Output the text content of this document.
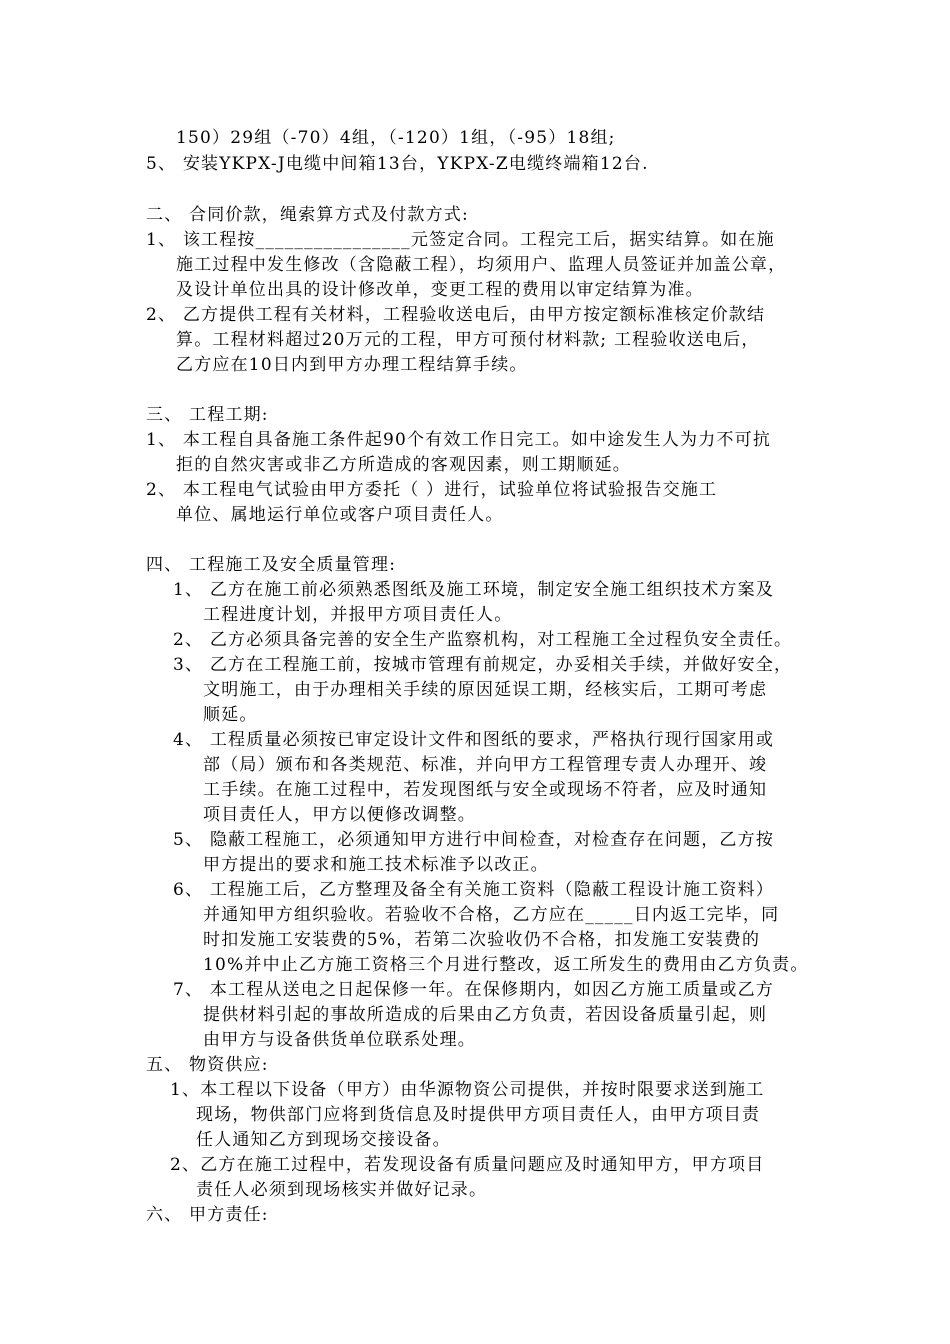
150）29组（-70）4组，（-120）1组，（-95）18组;
5、 安装YKPX-J电缆中间箱13台，YKPX-Z电缆终端箱12台.
二、 合同价款，绳索算方式及付款方式:
1、 该工程按________________元签定合同。工程完工后，据实结算。如在施
施工过程中发生修改（含隐蔽工程），均须用户、监理人员签证并加盖公章，
及设计单位出具的设计修改单，变更工程的费用以审定结算为准。
2、 乙方提供工程有关材料，工程验收送电后，由甲方按定额标准核定价款结
算。工程材料超过20万元的工程，甲方可预付材料款; 工程验收送电后，
乙方应在10日内到甲方办理工程结算手续。
三、 工程工期:
1、 本工程自具备施工条件起90个有效工作日完工。如中途发生人为力不可抗
拒的自然灾害或非乙方所造成的客观因素，则工期顺延。
2、 本工程电气试验由甲方委托（ ）进行，试验单位将试验报告交施工
单位、属地运行单位或客户项目责任人。
四、 工程施工及安全质量管理:
1、 乙方在施工前必须熟悉图纸及施工环境，制定安全施工组织技术方案及
工程进度计划，并报甲方项目责任人。
2、 乙方必须具备完善的安全生产监察机构，对工程施工全过程负安全责任。
3、 乙方在工程施工前，按城市管理有前规定，办妥相关手续，并做好安全，
文明施工，由于办理相关手续的原因延误工期，经核实后，工期可考虑
顺延。
4、 工程质量必须按已审定设计文件和图纸的要求，严格执行现行国家用或
部（局）颁布和各类规范、标准，并向甲方工程管理专责人办理开、竣
工手续。在施工过程中，若发现图纸与安全或现场不符者，应及时通知
项目责任人，甲方以便修改调整。
5、 隐蔽工程施工，必须通知甲方进行中间检查，对检查存在问题，乙方按
甲方提出的要求和施工技术标准予以改正。
6、 工程施工后，乙方整理及备全有关施工资料（隐蔽工程设计施工资料）
并通知甲方组织验收。若验收不合格，乙方应在_____日内返工完毕，同
时扣发施工安装费的5%，若第二次验收仍不合格，扣发施工安装费的
10%并中止乙方施工资格三个月进行整改，返工所发生的费用由乙方负责。
7、 本工程从送电之日起保修一年。在保修期内，如因乙方施工质量或乙方
提供材料引起的事故所造成的后果由乙方负责，若因设备质量引起，则
由甲方与设备供货单位联系处理。
五、 物资供应:
1、本工程以下设备（甲方）由华源物资公司提供，并按时限要求送到施工
现场，物供部门应将到货信息及时提供甲方项目责任人，由甲方项目责
任人通知乙方到现场交接设备。
2、乙方在施工过程中，若发现设备有质量问题应及时通知甲方，甲方项目
责任人必须到现场核实并做好记录。
六、 甲方责任:
